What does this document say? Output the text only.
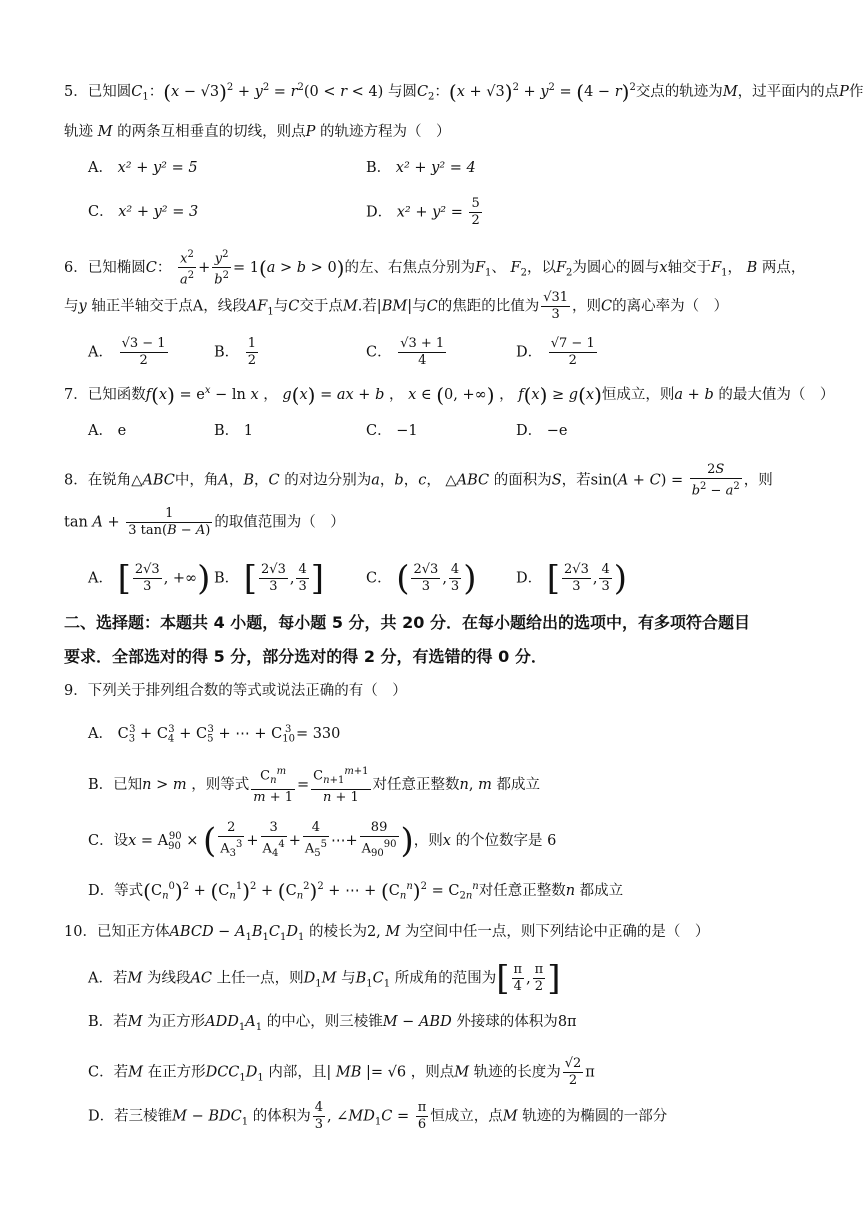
5．已知圆$C_1$：$(x - √3)^2 + y^2 = r^2(0 < r < 4)$ 与圆$C_2$：$(x + √3)^2 + y^2 = (4 - r)^2$交点的轨迹为M，过平面内的点P作
轨迹 M 的两条互相垂直的切线，则点P 的轨迹方程为（　）
A． x² + y² = 5	B． x² + y² = 4
C． x² + y² = 3	D． $x^2 + y^2 = \frac{5}{2}$
6．已知椭圆C： $\frac{x^2}{a^2} + \frac{y^2}{b^2} = 1(a > b > 0)$的左、右焦点分别为$F_1$、 $F_2$，以$F_2$为圆心的圆与x轴交于$F_1$， B 两点，
与y 轴正半轴交于点A，线段$AF_1$与C交于点M.若|BM|与C的焦距的比值为 $\frac{√31}{3}$ ，则C的离心率为（　）
A． $\frac{√3 - 1}{2}$	B． $\frac{1}{2}$	C． $\frac{√3 + 1}{4}$	D． $\frac{√7 - 1}{2}$
7．已知函数$f(x) = e^x - \ln x$ ， g(x) = ax + b ， x ∈ (0, +∞) ， f(x) ≥ g(x)恒成立，则a + b 的最大值为（　）
A． e	B． 1	C． −1	D． −e
8．在锐角△ABC中，角A，B，C 的对边分别为a，b，c， △ABC 的面积为S，若$\sin(A + C) = \frac{2S}{b^2 - a^2}$ ，则
$\tan A + \frac{1}{3 \tan(B - A)}$ 的取值范围为（　）
A． [ $\frac{2√3}{3}$ , +∞) B． [ $\frac{2√3}{3}$ , $\frac{4}{3}$ ]	C． ( $\frac{2√3}{3}$ , $\frac{4}{3}$ )	D． [ $\frac{2√3}{3}$ , $\frac{4}{3}$ )
二、选择题：本题共 4 小题，每小题 5 分，共 20 分．在每小题给出的选项中，有多项符合题目
要求．全部选对的得 5 分，部分选对的得 2 分，有选错的得 0 分．
9．下列关于排列组合数的等式或说法正确的有（　）
A． $C_3^3 + C_4^3 + C_5^3$ + ⋯ + $C_{10}^3 = 330$
B．已知n > m ，则等式 $\frac{C_n^m}{m + 1} = \frac{C_{n+1}^{m+1}}{n + 1}$ 对任意正整数n, m 都成立
C．设$x = A_{90}^{90}$ × ( $\frac{2}{A_3^3} + \frac{3}{A_4^4} + \frac{4}{A_5^5}$ ⋯+ $\frac{89}{A_{90}^{90}}$ )，则x 的个位数字是 6
D．等式$(C_n^0)^2 + (C_n^1)^2 + (C_n^2)^2$ + ⋯ + $(C_n^n)^2 = C_{2n}^n$对任意正整数n 都成立
10．已知正方体ABCD − $A_1B_1C_1D_1$ 的棱长为2, M 为空间中任一点，则下列结论中正确的是（　）
A．若M 为线段AC 上任一点，则$D_1M$ 与$B_1C_1$ 所成角的范围为[ $\frac{\pi}{4}$ , $\frac{\pi}{2}$ ]
B．若M 为正方形$ADD_1A_1$ 的中心，则三棱锥M − ABD 外接球的体积为8π
C．若M 在正方形$DCC_1D_1$ 内部，且| MB |= √6 ，则点M 轨迹的长度为 $\frac{√2}{2}$ π
D．若三棱锥$M - BDC_1$ 的体积为 $\frac{4}{3}$ , $\angle MD_1C = \frac{\pi}{6}$ 恒成立，点M 轨迹的为椭圆的一部分
